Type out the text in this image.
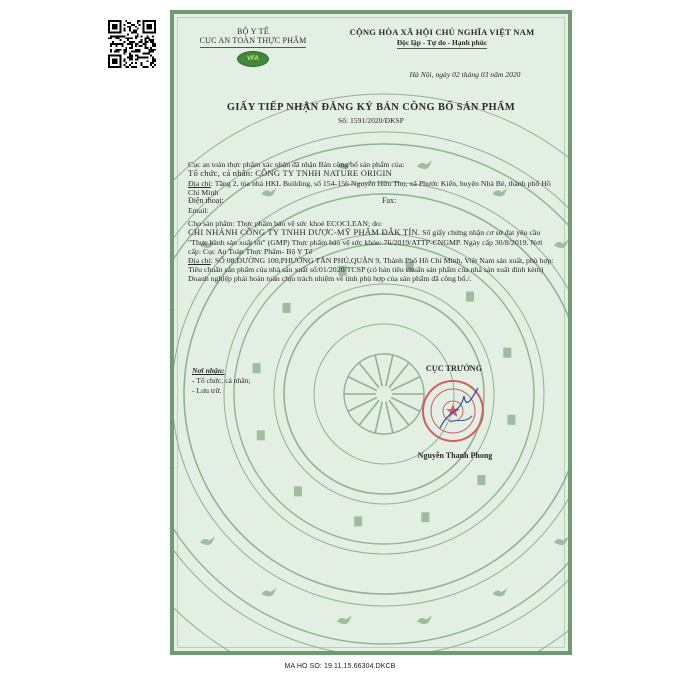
BỘ Y TẾ
CỤC AN TOÀN THỰC PHẨM
VFA
CỘNG HÒA XÃ HỘI CHỦ NGHĨA VIỆT NAM
Độc lập - Tự do - Hạnh phúc
Hà Nội, ngày 02 tháng 03 năm 2020
GIẤY TIẾP NHẬN ĐĂNG KÝ BẢN CÔNG BỐ SẢN PHẨM
Số: 1591/2020/ĐKSP

Cục an toàn thực phẩm xác nhận đã nhận Bản công bố sản phẩm của:

Tổ chức, cá nhân: CÔNG TY TNHH NATURE ORIGIN

Địa chỉ: Tầng 2, tòa nhà HKL Building, số 154-156 Nguyễn Hữu Thọ, xã Phước Kiển, huyện Nhà Bè, thành phố Hồ Chí Minh

Điện thoại:	Fax:

Email:

Cho sản phẩm: Thực phẩm bảo vệ sức khoẻ ECOCLEAN; do:

CHI NHÁNH CÔNG TY TNHH DƯỢC-MỸ PHẨM ĐẮK TÍN. Số giấy chứng nhận cơ sở đạt yêu cầu "Thực hành sản xuất tốt" (GMP) Thực phẩm bảo vệ sức khỏe: 76/2019/ATTP-CNGMP. Ngày cấp 30/8/2019. Nơi cấp: Cục An Toàn Thực Phẩm- Bộ Y Tế

Địa chỉ: SỐ 08,ĐƯỜNG 100,PHƯỜNG TÂN PHÚ,QUẬN 9, Thành Phố Hồ Chí Minh, Việt Nam sản xuất, phù hợp:

Tiêu chuẩn sản phẩm của nhà sản xuất số:01/2020/TCSP (có bản tiêu chuẩn sản phẩm của nhà sản xuất đính kèm)

Doanh nghiệp phải hoàn toàn chịu trách nhiệm về tính phù hợp của sản phẩm đã công bố./.

Nơi nhận:
- Tổ chức, cá nhân;
- Lưu trữ.
CỤC TRƯỞNG
Nguyễn Thanh Phong
MA HO SO: 19.11.15.66304.DKCB
